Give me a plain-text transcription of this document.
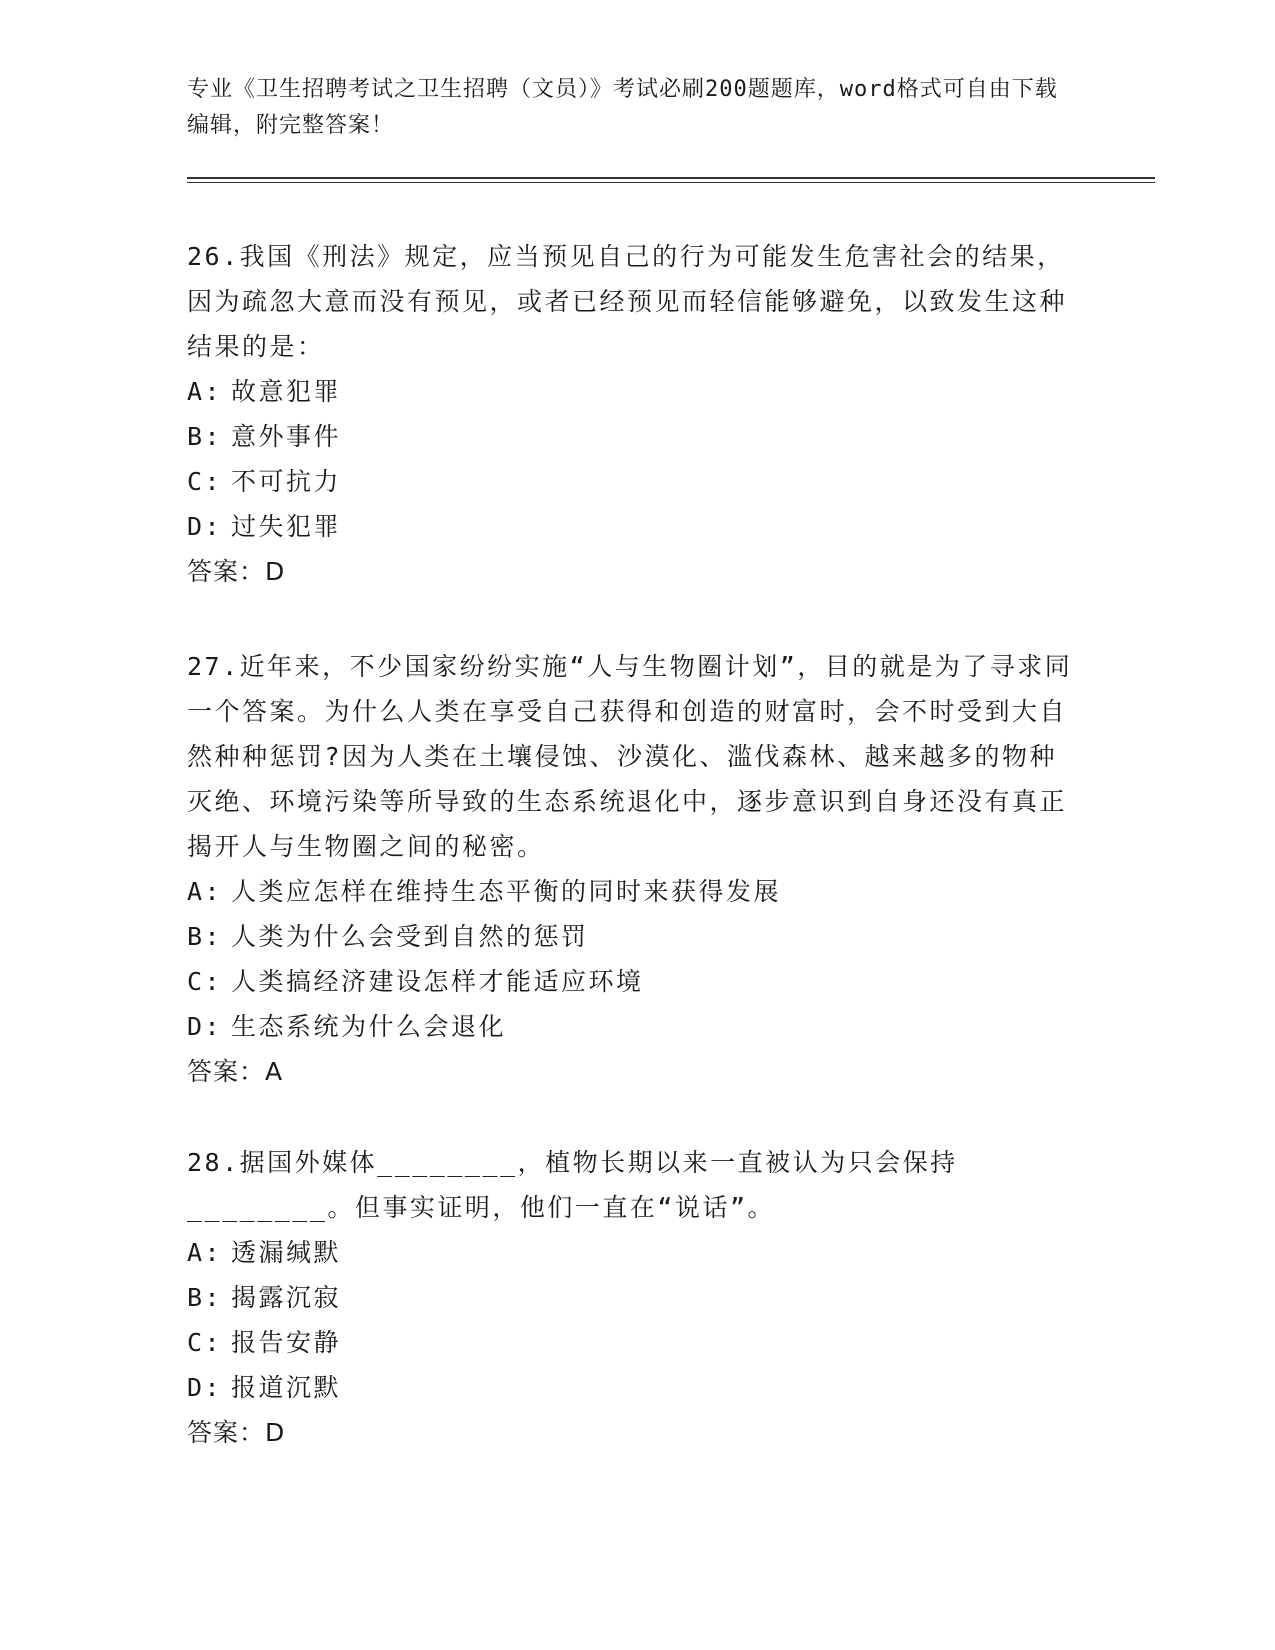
专业《卫生招聘考试之卫生招聘（文员）》考试必刷200题题库，word格式可自由下载编辑，附完整答案！

26.我国《刑法》规定，应当预见自己的行为可能发生危害社会的结果，因为疏忽大意而没有预见，或者已经预见而轻信能够避免，以致发生这种结果的是：

A: 故意犯罪

B: 意外事件

C: 不可抗力

D: 过失犯罪

答案：D

27.近年来，不少国家纷纷实施“人与生物圈计划”，目的就是为了寻求同一个答案。为什么人类在享受自己获得和创造的财富时，会不时受到大自然种种惩罚?因为人类在土壤侵蚀、沙漠化、滥伐森林、越来越多的物种灭绝、环境污染等所导致的生态系统退化中，逐步意识到自身还没有真正揭开人与生物圈之间的秘密。

A: 人类应怎样在维持生态平衡的同时来获得发展

B: 人类为什么会受到自然的惩罚

C: 人类搞经济建设怎样才能适应环境

D: 生态系统为什么会退化

答案：A

28.据国外媒体________，植物长期以来一直被认为只会保持________。但事实证明，他们一直在“说话”。

A: 透漏缄默

B: 揭露沉寂

C: 报告安静

D: 报道沉默

答案：D
